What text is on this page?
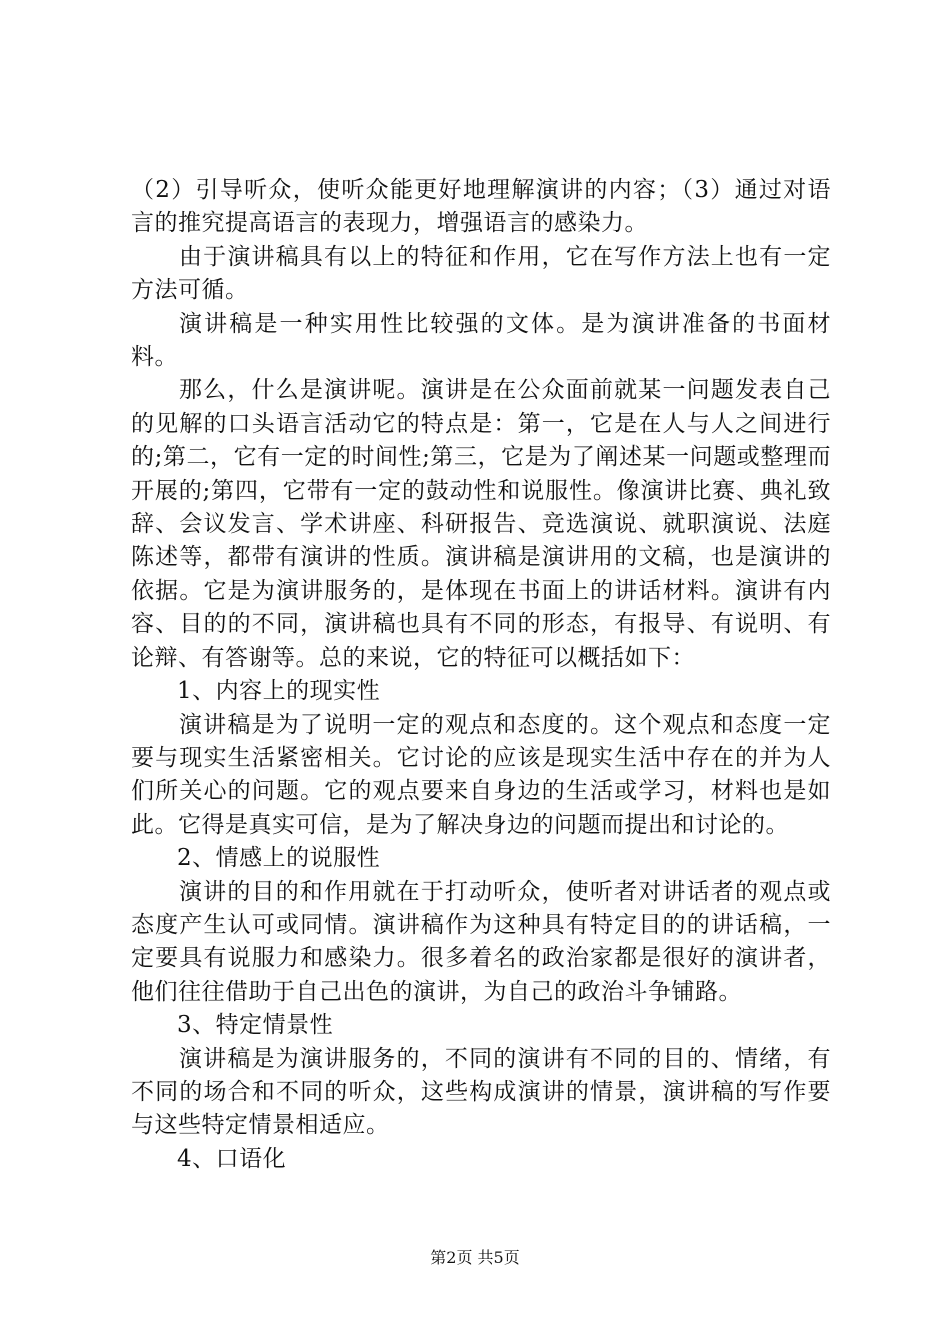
（2）引导听众，使听众能更好地理解演讲的内容；（3）通过对语言的推究提高语言的表现力，增强语言的感染力。

由于演讲稿具有以上的特征和作用，它在写作方法上也有一定方法可循。

演讲稿是一种实用性比较强的文体。是为演讲准备的书面材料。

那么，什么是演讲呢。演讲是在公众面前就某一问题发表自己的见解的口头语言活动它的特点是：第一，它是在人与人之间进行的;第二，它有一定的时间性;第三，它是为了阐述某一问题或整理而开展的;第四，它带有一定的鼓动性和说服性。像演讲比赛、典礼致辞、会议发言、学术讲座、科研报告、竞选演说、就职演说、法庭陈述等，都带有演讲的性质。演讲稿是演讲用的文稿，也是演讲的依据。它是为演讲服务的，是体现在书面上的讲话材料。演讲有内容、目的的不同，演讲稿也具有不同的形态，有报导、有说明、有论辩、有答谢等。总的来说，它的特征可以概括如下：

1、内容上的现实性

演讲稿是为了说明一定的观点和态度的。这个观点和态度一定要与现实生活紧密相关。它讨论的应该是现实生活中存在的并为人们所关心的问题。它的观点要来自身边的生活或学习，材料也是如此。它得是真实可信，是为了解决身边的问题而提出和讨论的。

2、情感上的说服性

演讲的目的和作用就在于打动听众，使听者对讲话者的观点或态度产生认可或同情。演讲稿作为这种具有特定目的的讲话稿，一定要具有说服力和感染力。很多着名的政治家都是很好的演讲者，他们往往借助于自己出色的演讲，为自己的政治斗争铺路。

3、特定情景性

演讲稿是为演讲服务的，不同的演讲有不同的目的、情绪，有不同的场合和不同的听众，这些构成演讲的情景，演讲稿的写作要与这些特定情景相适应。

4、口语化

第2页 共5页
